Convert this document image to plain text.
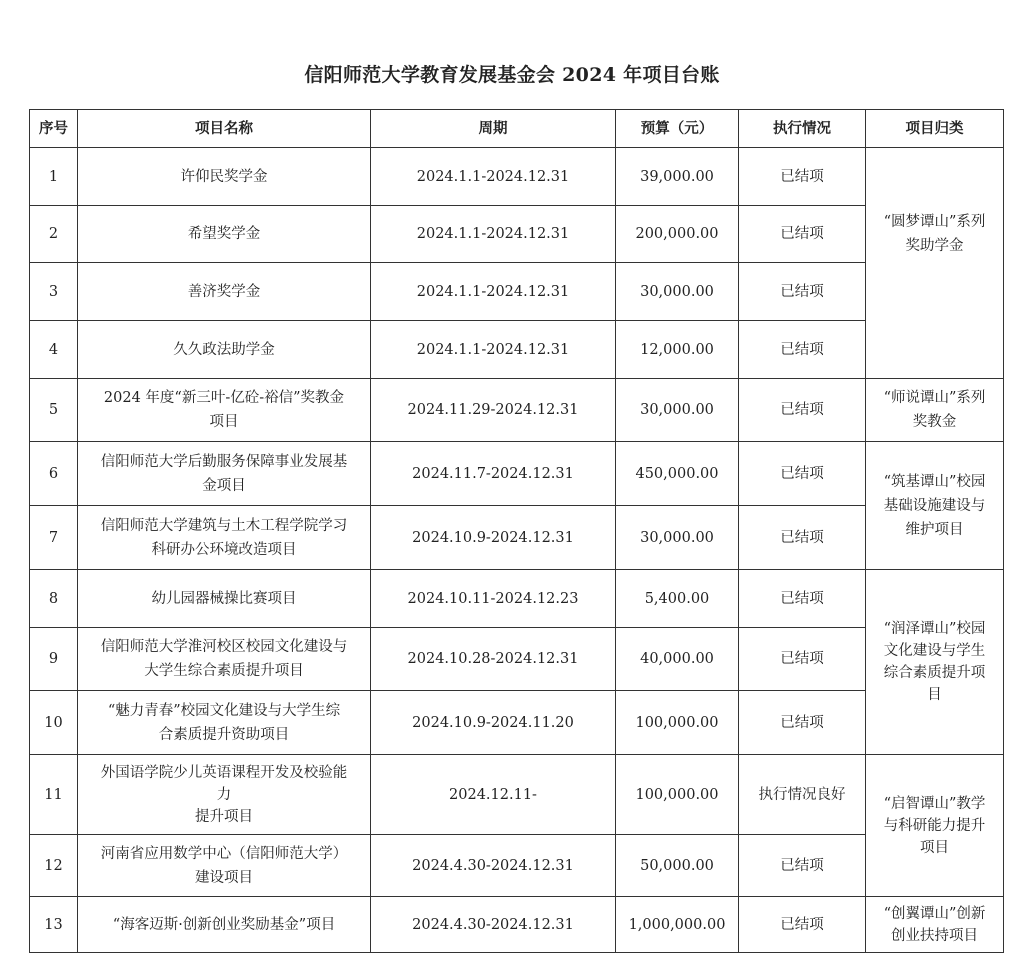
信阳师范大学教育发展基金会 2024 年项目台账
序号	项目名称	周期	预算（元）	执行情况	项目归类
1	许仰民奖学金	2024.1.1-2024.12.31	39,000.00	已结项	“圆梦谭山”系列
奖助学金
2	希望奖学金	2024.1.1-2024.12.31	200,000.00	已结项	
3	善济奖学金	2024.1.1-2024.12.31	30,000.00	已结项	
4	久久政法助学金	2024.1.1-2024.12.31	12,000.00	已结项	
5	2024 年度“新三叶-亿砼-裕信”奖教金
项目	2024.11.29-2024.12.31	30,000.00	已结项	“师说谭山”系列
奖教金
6	信阳师范大学后勤服务保障事业发展基
金项目	2024.11.7-2024.12.31	450,000.00	已结项	“筑基谭山”校园
基础设施建设与
维护项目
7	信阳师范大学建筑与土木工程学院学习
科研办公环境改造项目	2024.10.9-2024.12.31	30,000.00	已结项	
8	幼儿园器械操比赛项目	2024.10.11-2024.12.23	5,400.00	已结项	“润泽谭山”校园
文化建设与学生
综合素质提升项
目
9	信阳师范大学淮河校区校园文化建设与
大学生综合素质提升项目	2024.10.28-2024.12.31	40,000.00	已结项	
10	“魅力青春”校园文化建设与大学生综
合素质提升资助项目	2024.10.9-2024.11.20	100,000.00	已结项	
11	外国语学院少儿英语课程开发及校验能
力
提升项目	2024.12.11-	100,000.00	执行情况良好	“启智谭山”教学
与科研能力提升
项目
12	河南省应用数学中心（信阳师范大学）
建设项目	2024.4.30-2024.12.31	50,000.00	已结项	
13	“海客迈斯·创新创业奖励基金”项目	2024.4.30-2024.12.31	1,000,000.00	已结项	“创翼谭山”创新
创业扶持项目
